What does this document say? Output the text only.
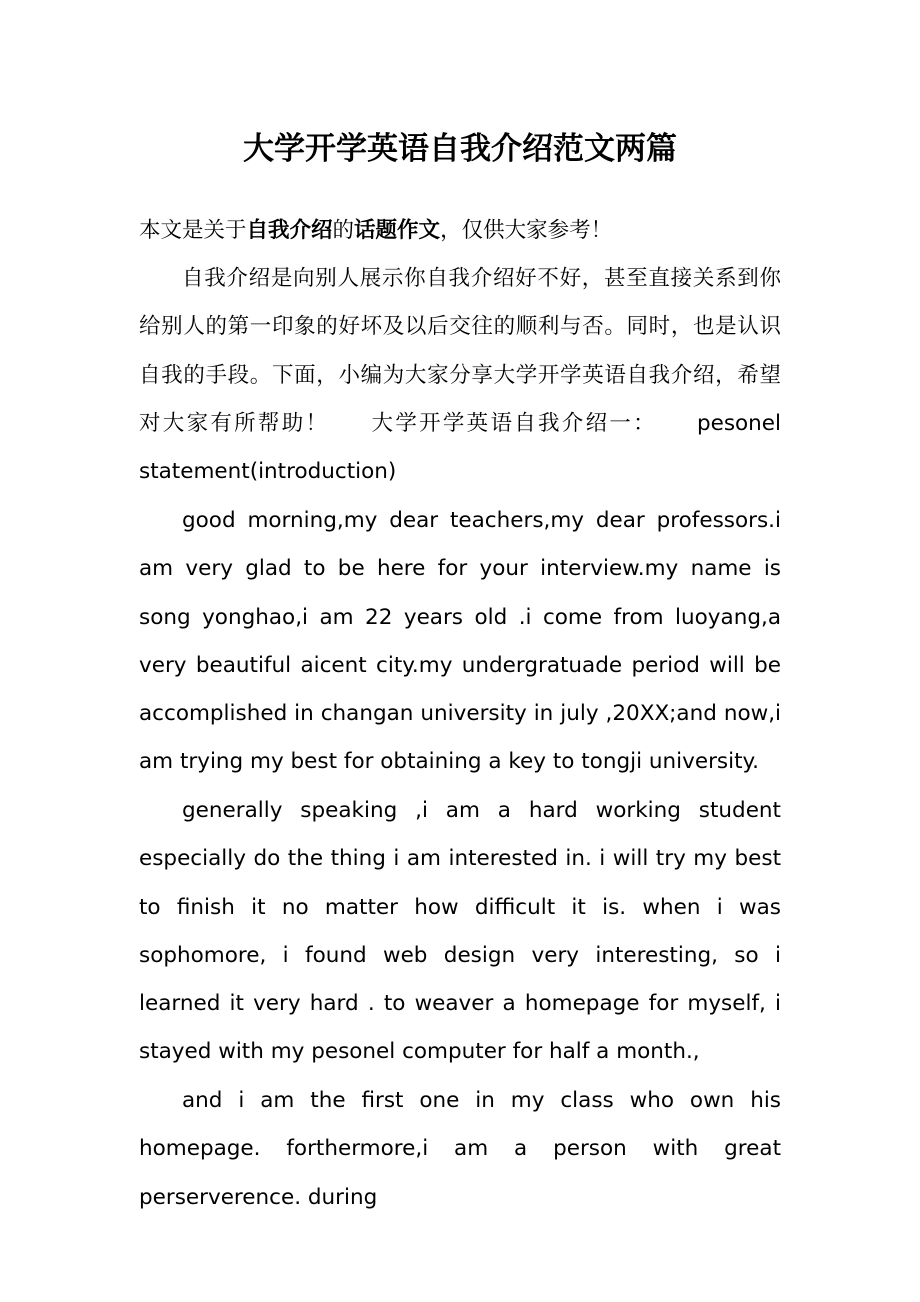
大学开学英语自我介绍范文两篇
本文是关于自我介绍的话题作文，仅供大家参考！

自我介绍是向别人展示你自我介绍好不好，甚至直接关系到你给别人的第一印象的好坏及以后交往的顺利与否。同时，也是认识自我的手段。下面，小编为大家分享大学开学英语自我介绍，希望对大家有所帮助！ 大学开学英语自我介绍一： pesonel statement(introduction)

good morning,my dear teachers,my dear professors.i am very glad to be here for your interview.my name is song yonghao,i am 22 years old .i come from luoyang,a very beautiful aicent city.my undergratuade period will be accomplished in changan university in july ,20XX;and now,i am trying my best for obtaining a key to tongji university.

generally speaking ,i am a hard working student especially do the thing i am interested in. i will try my best to finish it no matter how difficult it is. when i was sophomore, i found web design very interesting, so i learned it very hard . to weaver a homepage for myself, i stayed with my pesonel computer for half a month.,

and i am the first one in my class who own his homepage. forthermore,i am a person with great perserverence. during
